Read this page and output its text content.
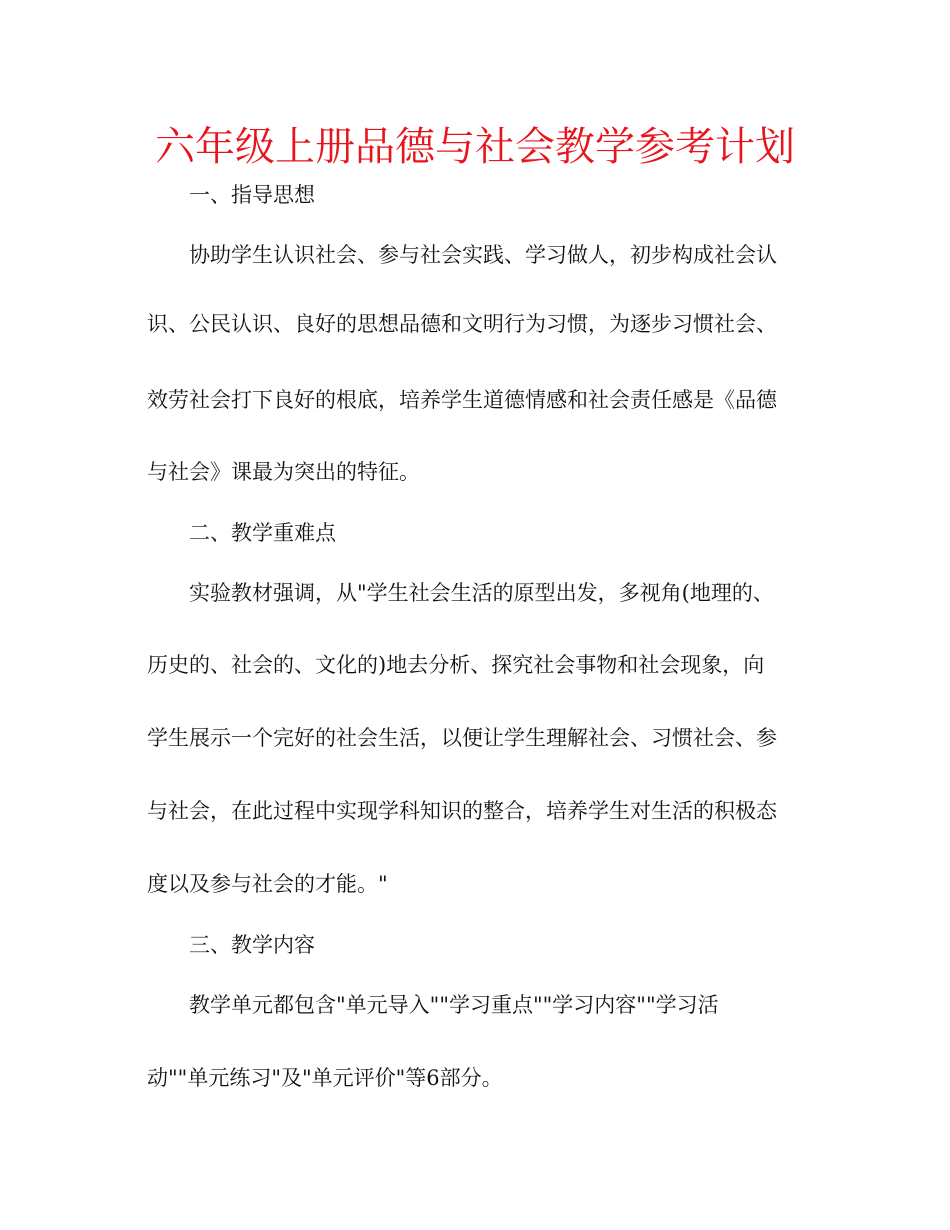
六年级上册品德与社会教学参考计划

一、指导思想

协助学生认识社会、参与社会实践、学习做人，初步构成社会认

识、公民认识、良好的思想品德和文明行为习惯，为逐步习惯社会、

效劳社会打下良好的根底，培养学生道德情感和社会责任感是《品德

与社会》课最为突出的特征。

二、教学重难点

实验教材强调，从"学生社会生活的原型出发，多视角(地理的、

历史的、社会的、文化的)地去分析、探究社会事物和社会现象，向

学生展示一个完好的社会生活，以便让学生理解社会、习惯社会、参

与社会，在此过程中实现学科知识的整合，培养学生对生活的积极态

度以及参与社会的才能。"

三、教学内容

教学单元都包含"单元导入""学习重点""学习内容""学习活

动""单元练习"及"单元评价"等6部分。
